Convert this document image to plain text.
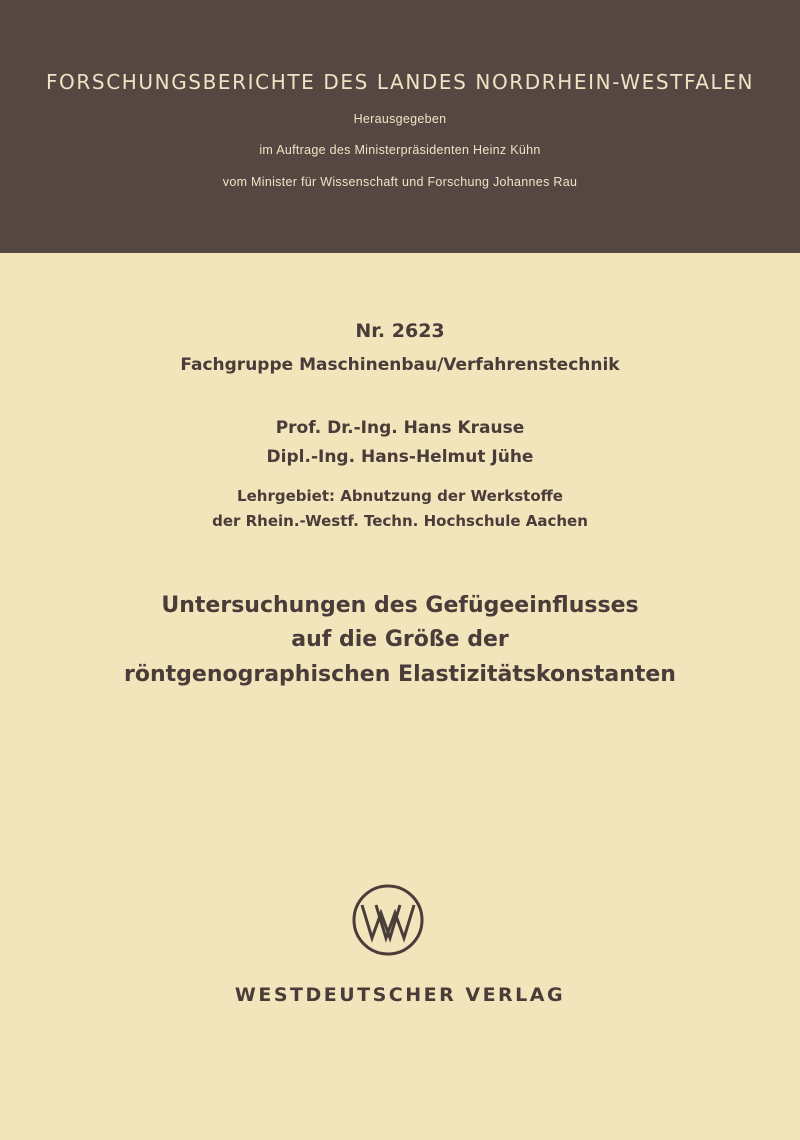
FORSCHUNGSBERICHTE DES LANDES NORDRHEIN-WESTFALEN
Herausgegeben
im Auftrage des Ministerpräsidenten Heinz Kühn
vom Minister für Wissenschaft und Forschung Johannes Rau
Nr. 2623
Fachgruppe Maschinenbau/Verfahrenstechnik
Prof. Dr.-Ing. Hans Krause
Dipl.-Ing. Hans-Helmut Jühe
Lehrgebiet: Abnutzung der Werkstoffe
der Rhein.-Westf. Techn. Hochschule Aachen
Untersuchungen des Gefügeeinflusses
auf die Größe der
röntgenographischen Elastizitätskonstanten
WESTDEUTSCHER VERLAG
